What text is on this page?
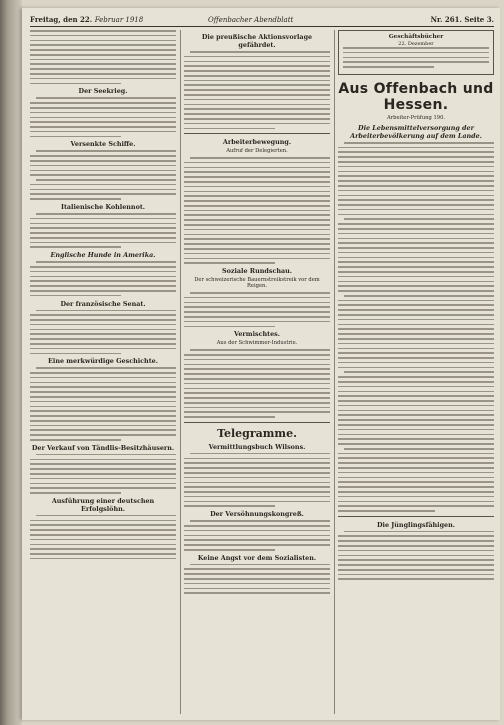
Freitag, den 22. Februar 1918	Offenbacher Abendblatt	Nr. 261. Seite 3.
Der Seekrieg.
Versenkte Schiffe.
Italienische Kohlennot.
Englische Hunde in Amerika.
Der französische Senat.
Eine merkwürdige Geschichte.
Der Verkauf von Tändlis-Besitzhäusern.
Ausführung einer deutschen Erfolgslöhn.
Die preußische Aktionsvorlage gefährdet.
Arbeiterbewegung.
Aufruf der Delegierten.
Soziale Rundschau.
Der schweizerische Bauernstreikstreik vor dem Reigen.
Vermischtes.
Aus der Schwimmer-Industrie.
Telegramme.
Vermittlungsbuch Wilsons.
Der Versöhnungskongreß.
Keine Angst vor dem Sozialisten.
Geschäftsbücher
22. Dezember
Aus Offenbach und Hessen.
Arbeiter-Prüfung 190.
Die Lebensmittelversorgung der Arbeiterbevölkerung auf dem Lande.
Die Jünglingsfähigen.
